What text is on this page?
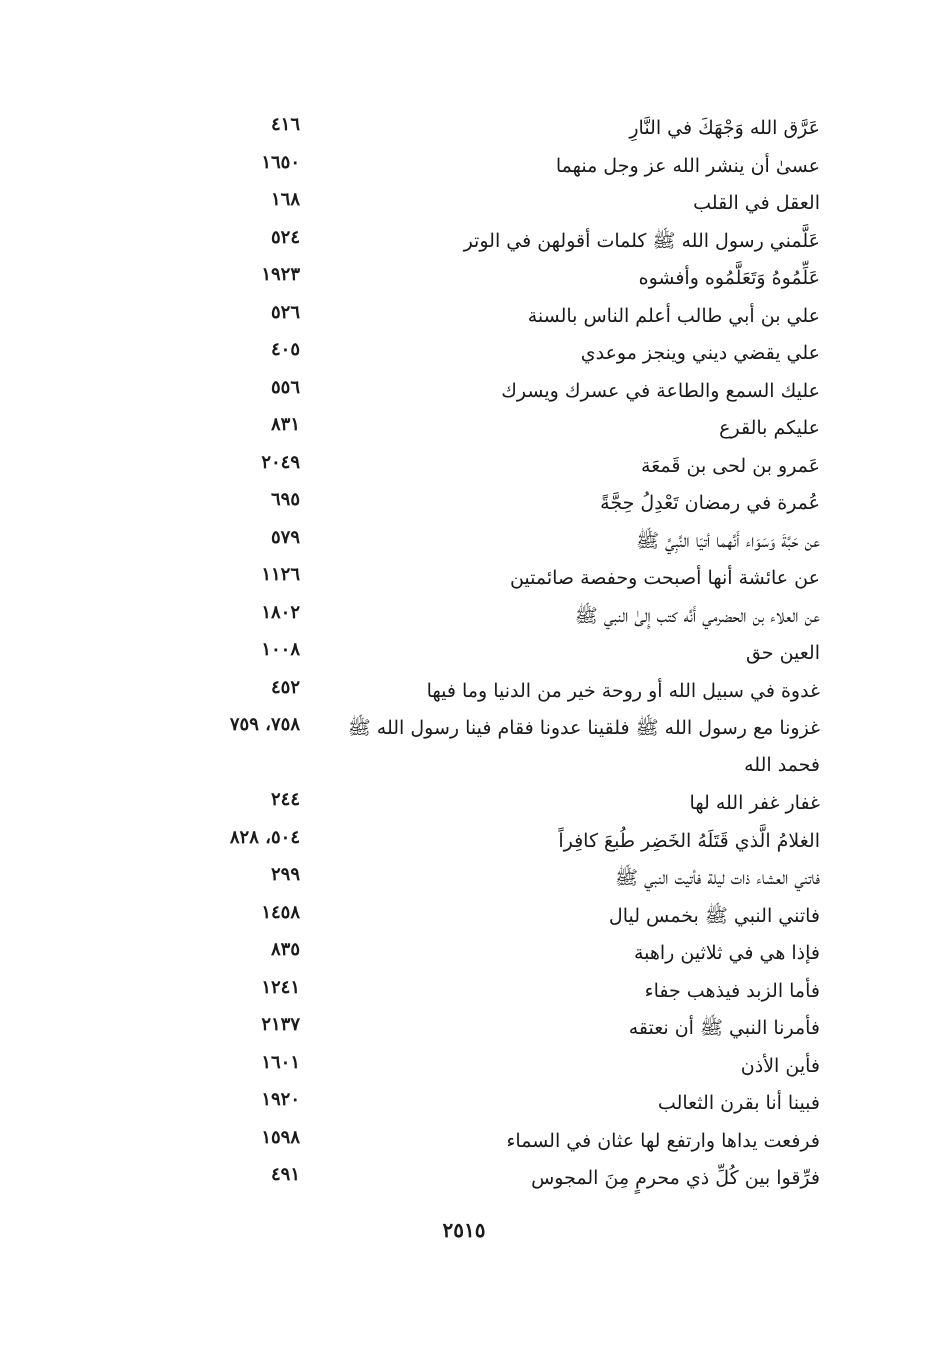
عَرَّق الله وَجْهَكَ في النَّارِ
٤١٦
عسىٰ أن ينشر الله عز وجل منهما
١٦٥٠
العقل في القلب
١٦٨
عَلَّمني رسول الله ﷺ كلمات أقولهن في الوتر
٥٢٤
عَلِّمُوهُ وَتَعَلَّمُوه وأفشوه
١٩٢٣
علي بن أبي طالب أعلم الناس بالسنة
٥٢٦
علي يقضي ديني وينجز موعدي
٤٠٥
عليك السمع والطاعة في عسرك ويسرك
٥٥٦
عليكم بالقرع
٨٣١
عَمرو بن لحى بن قَمعَة
٢٠٤٩
عُمرة في رمضان تَعْدِلُ حِجَّةً
٦٩٥
عن حَبَّةَ وَسَوَاء أَنَّهما أتيَا النَّبِيَّ ﷺ
٥٧٩
عن عائشة أنها أصبحت وحفصة صائمتين
١١٢٦
عن العلاء بن الحضرمي أَنَّه كتب إِلىٰ النبي ﷺ
١٨٠٢
العين حق
١٠٠٨
غدوة في سبيل الله أو روحة خير من الدنيا وما فيها
٤٥٢
غزونا مع رسول الله ﷺ فلقينا عدونا فقام فينا رسول الله ﷺ فحمد الله
٧٥٨، ٧٥٩
غفار غفر الله لها
٢٤٤
الغلامُ الَّذي قَتَلَهُ الخَضِر طُبعَ كافِراً
٥٠٤، ٨٢٨
فاتني العشاء ذات ليلة فأتيت النبي ﷺ
٢٩٩
فاتني النبي ﷺ بخمس ليال
١٤٥٨
فإذا هي في ثلاثين راهبة
٨٣٥
فأما الزبد فيذهب جفاء
١٢٤١
فأمرنا النبي ﷺ أن نعتقه
٢١٣٧
فأين الأذن
١٦٠١
فبينا أنا بقرن الثعالب
١٩٢٠
فرفعت يداها وارتفع لها عثان في السماء
١٥٩٨
فرِّقوا بين كُلِّ ذي محرمٍ مِنَ المجوس
٤٩١
٢٥١٥
